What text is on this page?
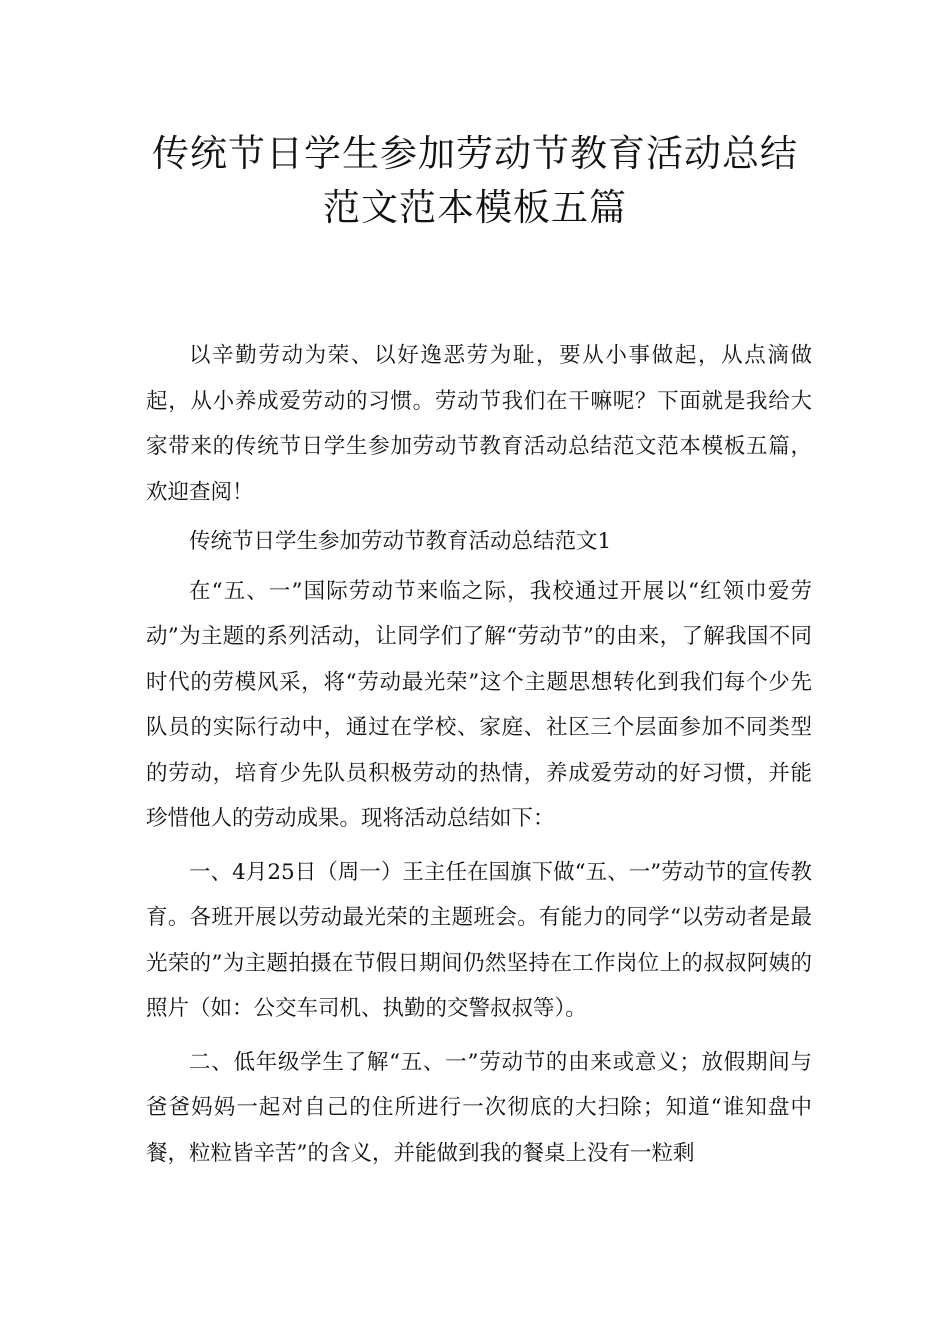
传统节日学生参加劳动节教育活动总结
范文范本模板五篇

以辛勤劳动为荣、以好逸恶劳为耻，要从小事做起，从点滴做起，从小养成爱劳动的习惯。劳动节我们在干嘛呢？下面就是我给大家带来的传统节日学生参加劳动节教育活动总结范文范本模板五篇，欢迎查阅！

传统节日学生参加劳动节教育活动总结范文1

在“五、一”国际劳动节来临之际，我校通过开展以“红领巾爱劳动”为主题的系列活动，让同学们了解“劳动节”的由来，了解我国不同时代的劳模风采，将“劳动最光荣”这个主题思想转化到我们每个少先队员的实际行动中，通过在学校、家庭、社区三个层面参加不同类型的劳动，培育少先队员积极劳动的热情，养成爱劳动的好习惯，并能珍惜他人的劳动成果。现将活动总结如下：

一、4月25日（周一）王主任在国旗下做“五、一”劳动节的宣传教育。各班开展以劳动最光荣的主题班会。有能力的同学“以劳动者是最光荣的”为主题拍摄在节假日期间仍然坚持在工作岗位上的叔叔阿姨的照片（如：公交车司机、执勤的交警叔叔等）。

二、低年级学生了解“五、一”劳动节的由来或意义；放假期间与爸爸妈妈一起对自己的住所进行一次彻底的大扫除；知道“谁知盘中餐，粒粒皆辛苦”的含义，并能做到我的餐桌上没有一粒剩
